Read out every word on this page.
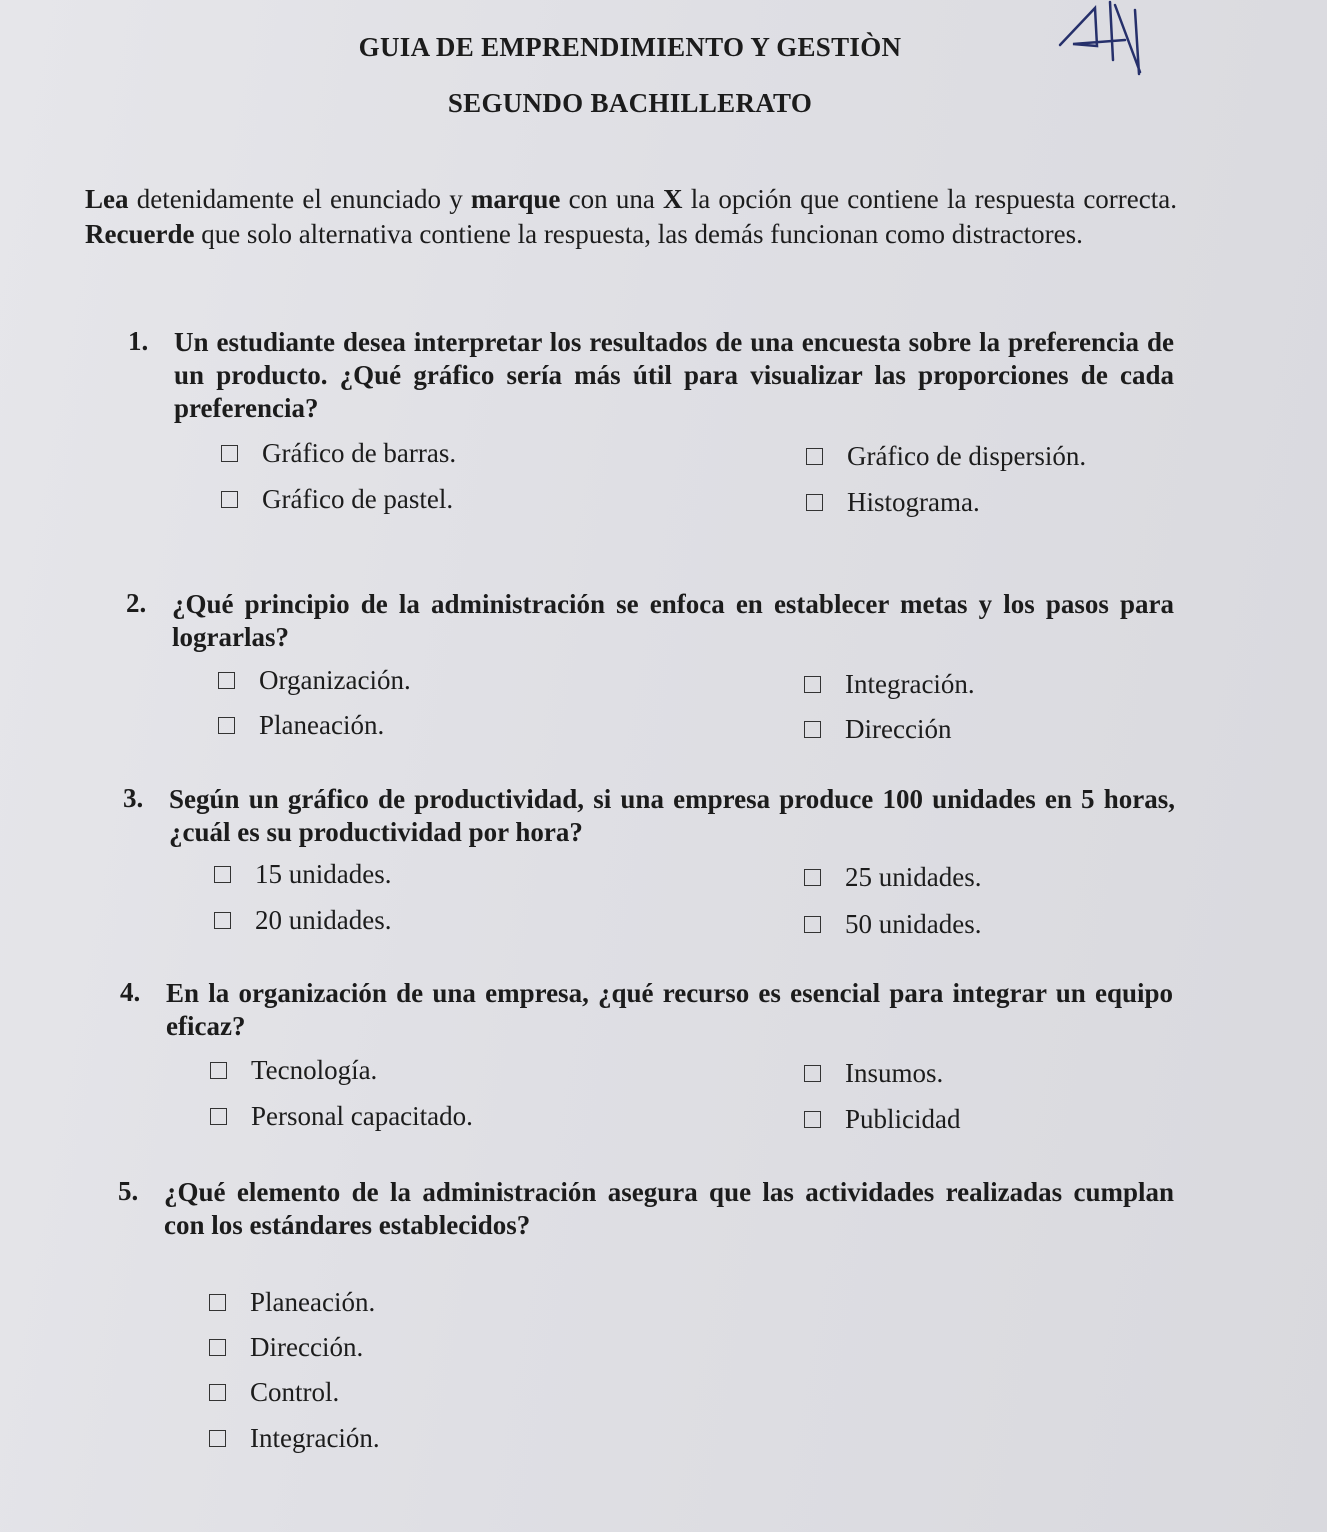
GUIA DE EMPRENDIMIENTO Y GESTIÒN
SEGUNDO BACHILLERATO
Lea detenidamente el enunciado y marque con una X la opción que contiene la respuesta correcta. Recuerde que solo alternativa contiene la respuesta, las demás funcionan como distractores.
1. Un estudiante desea interpretar los resultados de una encuesta sobre la preferencia de un producto. ¿Qué gráfico sería más útil para visualizar las proporciones de cada preferencia?
Gráfico de barras.	Gráfico de dispersión.
Gráfico de pastel.	Histograma.
2. ¿Qué principio de la administración se enfoca en establecer metas y los pasos para lograrlas?
Organización.	Integración.
Planeación.	Dirección
3. Según un gráfico de productividad, si una empresa produce 100 unidades en 5 horas, ¿cuál es su productividad por hora?
15 unidades.	25 unidades.
20 unidades.	50 unidades.
4. En la organización de una empresa, ¿qué recurso es esencial para integrar un equipo eficaz?
Tecnología.	Insumos.
Personal capacitado.	Publicidad
5. ¿Qué elemento de la administración asegura que las actividades realizadas cumplan con los estándares establecidos?
Planeación.
Dirección.
Control.
Integración.
